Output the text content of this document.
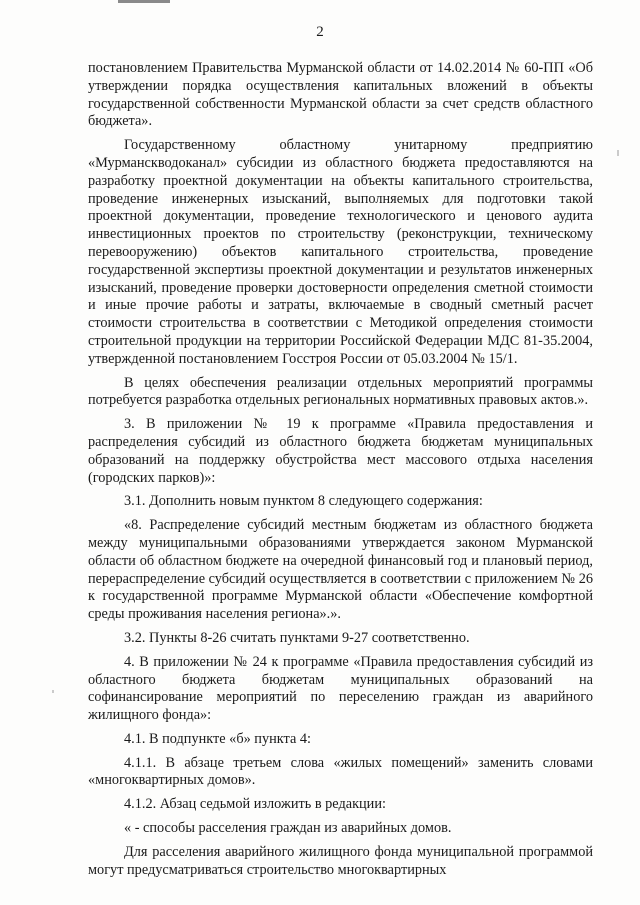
2

постановлением Правительства Мурманской области от 14.02.2014 № 60-ПП «Об утверждении порядка осуществления капитальных вложений в объекты государственной собственности Мурманской области за счет средств областного бюджета».

Государственному областному унитарному предприятию «Мурманскводоканал» субсидии из областного бюджета предоставляются на разработку проектной документации на объекты капитального строительства, проведение инженерных изысканий, выполняемых для подготовки такой проектной документации, проведение технологического и ценового аудита инвестиционных проектов по строительству (реконструкции, техническому перевооружению) объектов капитального строительства, проведение государственной экспертизы проектной документации и результатов инженерных изысканий, проведение проверки достоверности определения сметной стоимости и иные прочие работы и затраты, включаемые в сводный сметный расчет стоимости строительства в соответствии с Методикой определения стоимости строительной продукции на территории Российской Федерации МДС 81-35.2004, утвержденной постановлением Госстроя России от 05.03.2004 № 15/1.

В целях обеспечения реализации отдельных мероприятий программы потребуется разработка отдельных региональных нормативных правовых актов.».

3. В приложении № 19 к программе «Правила предоставления и распределения субсидий из областного бюджета бюджетам муниципальных образований на поддержку обустройства мест массового отдыха населения (городских парков)»:

3.1. Дополнить новым пунктом 8 следующего содержания:

«8. Распределение субсидий местным бюджетам из областного бюджета между муниципальными образованиями утверждается законом Мурманской области об областном бюджете на очередной финансовый год и плановый период, перераспределение субсидий осуществляется в соответствии с приложением № 26 к государственной программе Мурманской области «Обеспечение комфортной среды проживания населения региона».».

3.2. Пункты 8-26 считать пунктами 9-27 соответственно.

4. В приложении № 24 к программе «Правила предоставления субсидий из областного бюджета бюджетам муниципальных образований на софинансирование мероприятий по переселению граждан из аварийного жилищного фонда»:

4.1. В подпункте «б» пункта 4:

4.1.1. В абзаце третьем слова «жилых помещений» заменить словами «многоквартирных домов».

4.1.2. Абзац седьмой изложить в редакции:

« - способы расселения граждан из аварийных домов.

Для расселения аварийного жилищного фонда муниципальной программой могут предусматриваться строительство многоквартирных
